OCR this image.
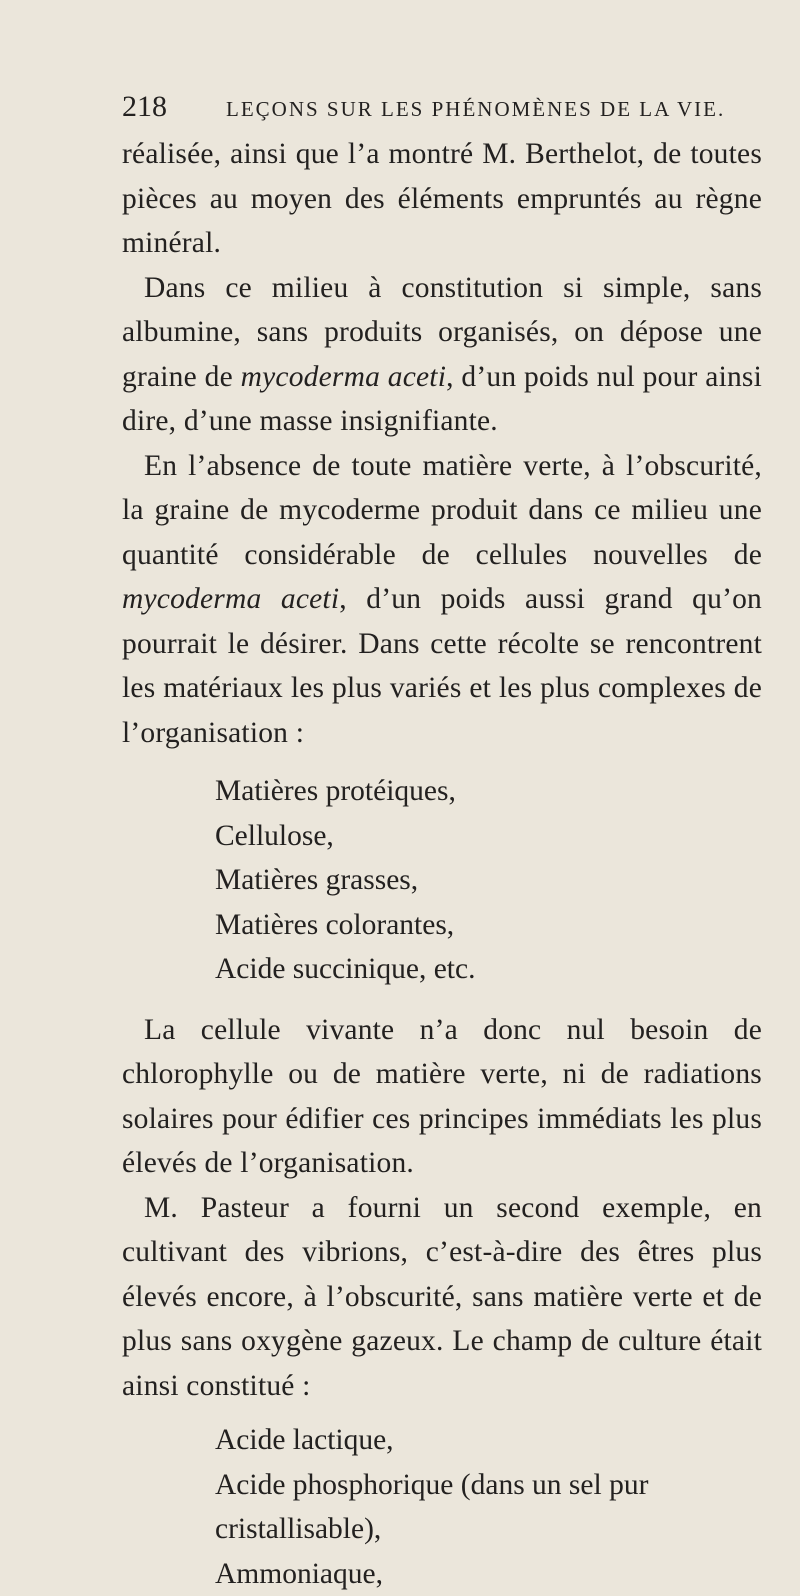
218	LEÇONS SUR LES PHÉNOMÈNES DE LA VIE.

réalisée, ainsi que l’a montré M. Berthelot, de toutes pièces au moyen des éléments empruntés au règne minéral.

Dans ce milieu à constitution si simple, sans albumine, sans produits organisés, on dépose une graine de mycoderma aceti, d’un poids nul pour ainsi dire, d’une masse insignifiante.

En l’absence de toute matière verte, à l’obscurité, la graine de mycoderme produit dans ce milieu une quantité considérable de cellules nouvelles de mycoderma aceti, d’un poids aussi grand qu’on pourrait le désirer. Dans cette récolte se rencontrent les matériaux les plus variés et les plus complexes de l’organisation :

Matières protéiques,
Cellulose,
Matières grasses,
Matières colorantes,
Acide succinique, etc.

La cellule vivante n’a donc nul besoin de chlorophylle ou de matière verte, ni de radiations solaires pour édifier ces principes immédiats les plus élevés de l’organisation.

M. Pasteur a fourni un second exemple, en cultivant des vibrions, c’est-à-dire des êtres plus élevés encore, à l’obscurité, sans matière verte et de plus sans oxygène gazeux. Le champ de culture était ainsi constitué :

Acide lactique,
Acide phosphorique (dans un sel pur cristallisable),
Ammoniaque,
